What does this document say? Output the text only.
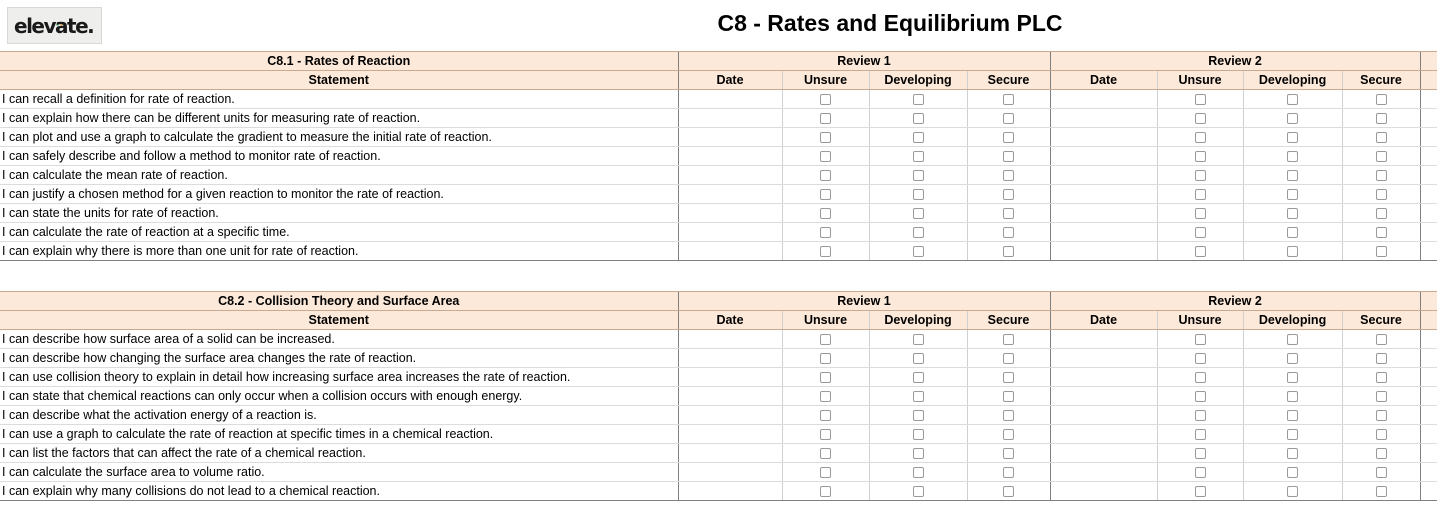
elevate.	C8 - Rates and Equilibrium PLC
C8.1 - Rates of Reaction	Review 1				Review 2				
Statement	Date	Unsure	Developing	Secure	Date	Unsure	Developing	Secure	
I can recall a definition for rate of reaction.									
I can explain how there can be different units for measuring rate of reaction.									
I can plot and use a graph to calculate the gradient to measure the initial rate of reaction.									
I can safely describe and follow a method to monitor rate of reaction.									
I can calculate the mean rate of reaction.									
I can justify a chosen method for a given reaction to monitor the rate of reaction.									
I can state the units for rate of reaction.									
I can calculate the rate of reaction at a specific time.									
I can explain why there is more than one unit for rate of reaction.									
C8.2 - Collision Theory and Surface Area	Review 1				Review 2				
Statement	Date	Unsure	Developing	Secure	Date	Unsure	Developing	Secure	
I can describe how surface area of a solid can be increased.									
I can describe how changing the surface area changes the rate of reaction.									
I can use collision theory to explain in detail how increasing surface area increases the rate of reaction.									
I can state that chemical reactions can only occur when a collision occurs with enough energy.									
I can describe what the activation energy of a reaction is.									
I can use a graph to calculate the rate of reaction at specific times in a chemical reaction.									
I can list the factors that can affect the rate of a chemical reaction.									
I can calculate the surface area to volume ratio.									
I can explain why many collisions do not lead to a chemical reaction.									
